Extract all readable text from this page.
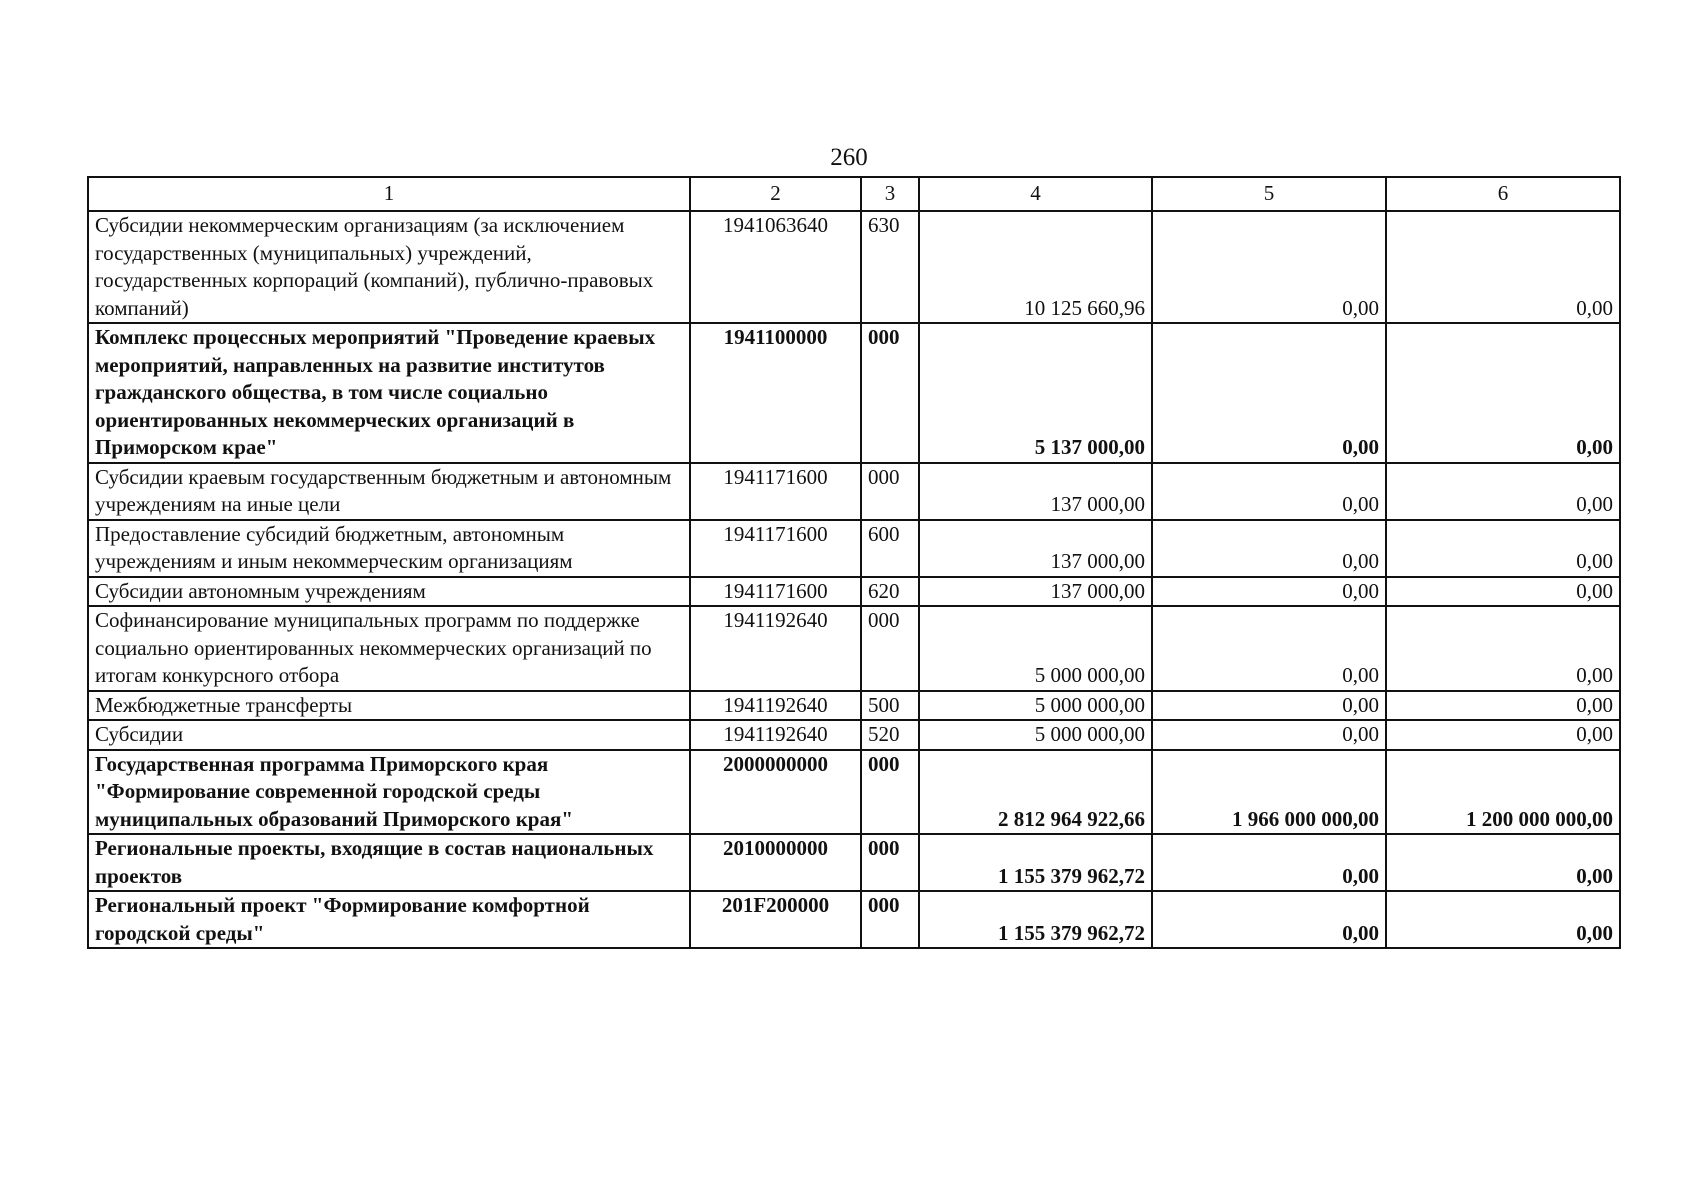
260
1	2	3	4	5	6
Субсидии некоммерческим организациям (за исключением государственных (муниципальных) учреждений, государственных корпораций (компаний), публично-правовых компаний)	1941063640	630	10 125 660,96	0,00	0,00
Комплекс процессных мероприятий "Проведение краевых мероприятий, направленных на развитие институтов гражданского общества, в том числе социально ориентированных некоммерческих организаций в Приморском крае"	1941100000	000	5 137 000,00	0,00	0,00
Субсидии краевым государственным бюджетным и автономным учреждениям на иные цели	1941171600	000	137 000,00	0,00	0,00
Предоставление субсидий бюджетным, автономным учреждениям и иным некоммерческим организациям	1941171600	600	137 000,00	0,00	0,00
Субсидии автономным учреждениям	1941171600	620	137 000,00	0,00	0,00
Софинансирование муниципальных программ по поддержке социально ориентированных некоммерческих организаций по итогам конкурсного отбора	1941192640	000	5 000 000,00	0,00	0,00
Межбюджетные трансферты	1941192640	500	5 000 000,00	0,00	0,00
Субсидии	1941192640	520	5 000 000,00	0,00	0,00
Государственная программа Приморского края "Формирование современной городской среды муниципальных образований Приморского края"	2000000000	000	2 812 964 922,66	1 966 000 000,00	1 200 000 000,00
Региональные проекты, входящие в состав национальных проектов	2010000000	000	1 155 379 962,72	0,00	0,00
Региональный проект "Формирование комфортной городской среды"	201F200000	000	1 155 379 962,72	0,00	0,00
